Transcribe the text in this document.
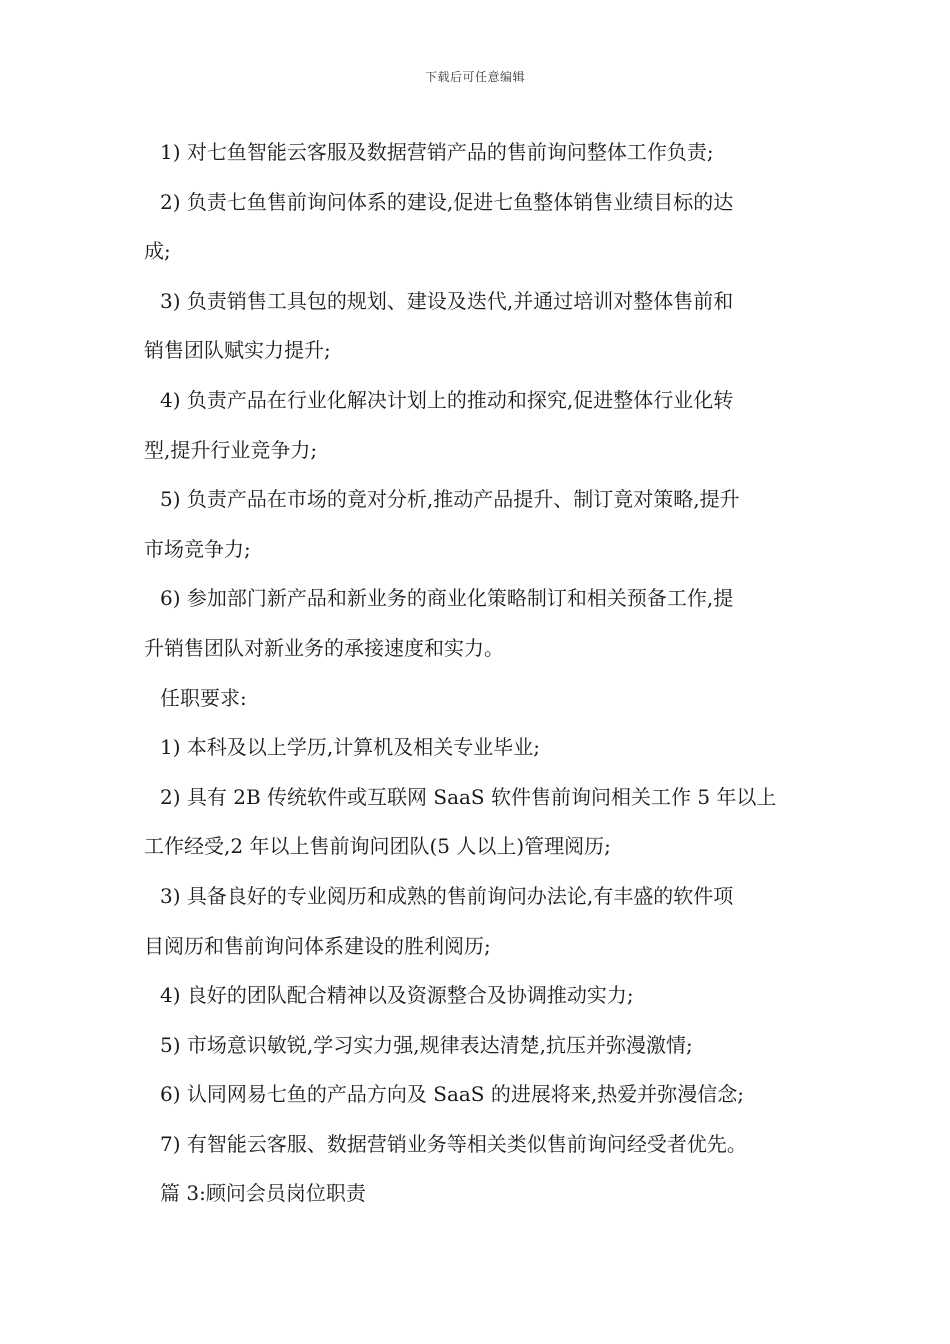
下载后可任意编辑
1) 对七鱼智能云客服及数据营销产品的售前询问整体工作负责;
2) 负责七鱼售前询问体系的建设,促进七鱼整体销售业绩目标的达
成;
3) 负责销售工具包的规划、建设及迭代,并通过培训对整体售前和
销售团队赋实力提升;
4) 负责产品在行业化解决计划上的推动和探究,促进整体行业化转
型,提升行业竞争力;
5) 负责产品在市场的竟对分析,推动产品提升、制订竟对策略,提升
市场竞争力;
6) 参加部门新产品和新业务的商业化策略制订和相关预备工作,提
升销售团队对新业务的承接速度和实力。
任职要求:
1) 本科及以上学历,计算机及相关专业毕业;
2) 具有 2B 传统软件或互联网 SaaS 软件售前询问相关工作 5 年以上
工作经受,2 年以上售前询问团队(5 人以上)管理阅历;
3) 具备良好的专业阅历和成熟的售前询问办法论,有丰盛的软件项
目阅历和售前询问体系建设的胜利阅历;
4) 良好的团队配合精神以及资源整合及协调推动实力;
5) 市场意识敏锐,学习实力强,规律表达清楚,抗压并弥漫激情;
6) 认同网易七鱼的产品方向及 SaaS 的进展将来,热爱并弥漫信念;
7) 有智能云客服、数据营销业务等相关类似售前询问经受者优先。
篇 3:顾问会员岗位职责
